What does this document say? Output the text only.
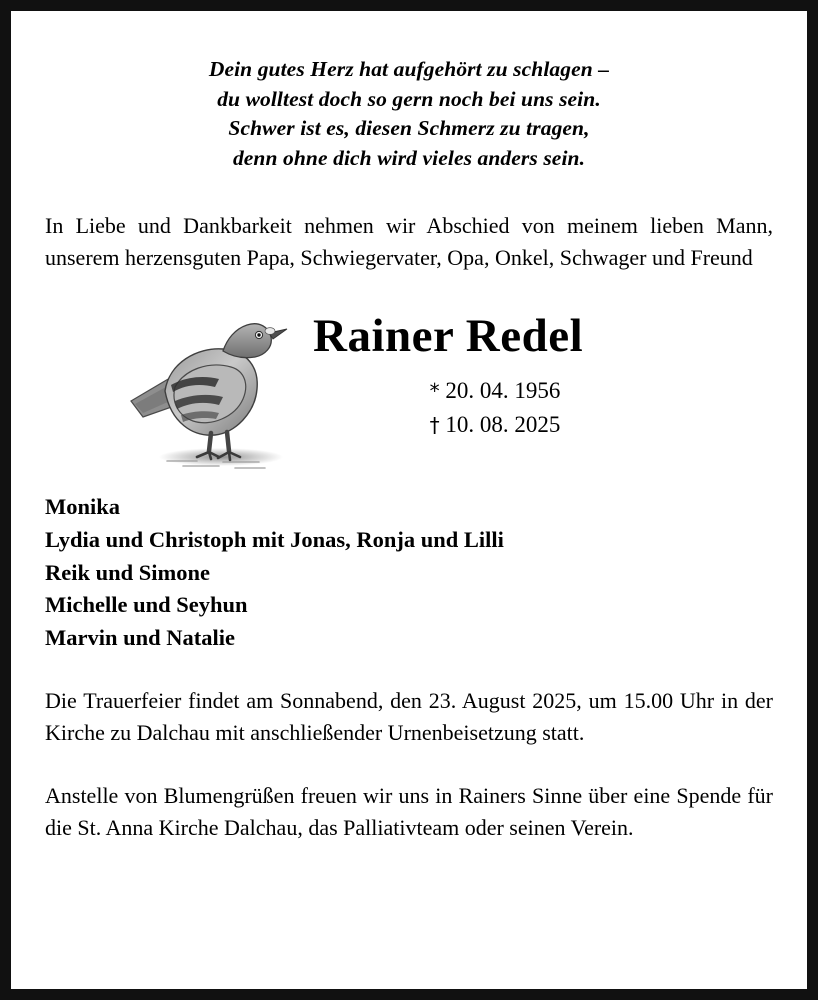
Dein gutes Herz hat aufgehört zu schlagen –
du wolltest doch so gern noch bei uns sein.
Schwer ist es, diesen Schmerz zu tragen,
denn ohne dich wird vieles anders sein.
In Liebe und Dankbarkeit nehmen wir Abschied von meinem lieben Mann, unserem herzensguten Papa, Schwiegervater, Opa, Onkel, Schwager und Freund
Rainer Redel
* 20. 04. 1956
† 10. 08. 2025
Monika
Lydia und Christoph mit Jonas, Ronja und Lilli
Reik und Simone
Michelle und Seyhun
Marvin und Natalie
Die Trauerfeier findet am Sonnabend, den 23. August 2025, um 15.00 Uhr in der Kirche zu Dalchau mit anschließender Urnenbeisetzung statt.
Anstelle von Blumengrüßen freuen wir uns in Rainers Sinne über eine Spende für die St. Anna Kirche Dalchau, das Palliativteam oder seinen Verein.
